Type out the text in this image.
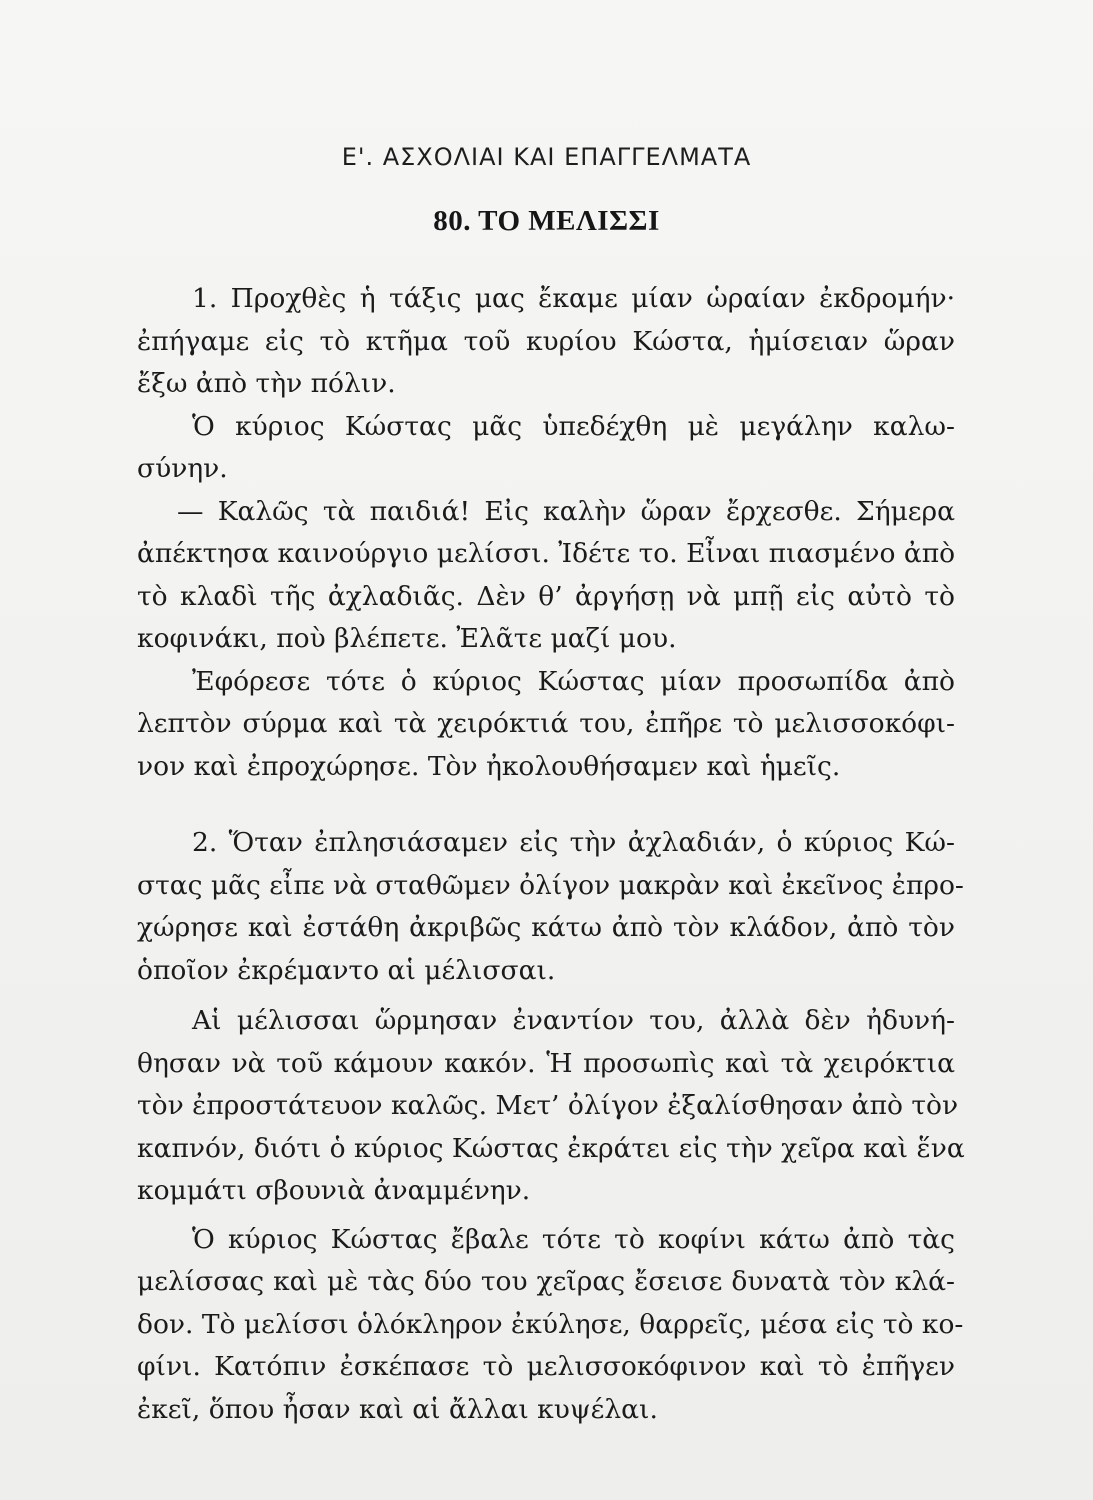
Ε'. ΑΣΧΟΛΙΑΙ ΚΑΙ ΕΠΑΓΓΕΛΜΑΤΑ
80. ΤΟ ΜΕΛΙΣΣΙ
1. Προχθὲς ἡ τάξις μας ἔκαμε μίαν ὡραίαν ἐκδρομήν·
ἐπήγαμε εἰς τὸ κτῆμα τοῦ κυρίου Κώστα, ἡμίσειαν ὥραν
ἔξω ἀπὸ τὴν πόλιν.
Ὁ κύριος Κώστας μᾶς ὑπεδέχθη μὲ μεγάλην καλω-
σύνην.
— Καλῶς τὰ παιδιά! Εἰς καλὴν ὥραν ἔρχεσθε. Σήμερα
ἀπέκτησα καινούργιο μελίσσι. Ἰδέτε το. Εἶναι πιασμένο ἀπὸ
τὸ κλαδὶ τῆς ἀχλαδιᾶς. Δὲν θ’ ἀργήσῃ νὰ μπῇ εἰς αὐτὸ τὸ
κοφινάκι, ποὺ βλέπετε. Ἐλᾶτε μαζί μου.
Ἐφόρεσε τότε ὁ κύριος Κώστας μίαν προσωπίδα ἀπὸ
λεπτὸν σύρμα καὶ τὰ χειρόκτιά του, ἐπῆρε τὸ μελισσοκόφι-
νον καὶ ἐπροχώρησε. Τὸν ἠκολουθήσαμεν καὶ ἡμεῖς.
2. Ὅταν ἐπλησιάσαμεν εἰς τὴν ἀχλαδιάν, ὁ κύριος Κώ-
στας μᾶς εἶπε νὰ σταθῶμεν ὀλίγον μακρὰν καὶ ἐκεῖνος ἐπρο-
χώρησε καὶ ἐστάθη ἀκριβῶς κάτω ἀπὸ τὸν κλάδον, ἀπὸ τὸν
ὁποῖον ἐκρέμαντο αἱ μέλισσαι.
Αἱ μέλισσαι ὥρμησαν ἐναντίον του, ἀλλὰ δὲν ἠδυνή-
θησαν νὰ τοῦ κάμουν κακόν. Ἡ προσωπὶς καὶ τὰ χειρόκτια
τὸν ἐπροστάτευον καλῶς. Μετ’ ὀλίγον ἐξαλίσθησαν ἀπὸ τὸν
καπνόν, διότι ὁ κύριος Κώστας ἐκράτει εἰς τὴν χεῖρα καὶ ἕνα
κομμάτι σβουνιὰ ἀναμμένην.
Ὁ κύριος Κώστας ἔβαλε τότε τὸ κοφίνι κάτω ἀπὸ τὰς
μελίσσας καὶ μὲ τὰς δύο του χεῖρας ἔσεισε δυνατὰ τὸν κλά-
δον. Τὸ μελίσσι ὁλόκληρον ἐκύλησε, θαρρεῖς, μέσα εἰς τὸ κο-
φίνι. Κατόπιν ἐσκέπασε τὸ μελισσοκόφινον καὶ τὸ ἐπῆγεν
ἐκεῖ, ὅπου ἦσαν καὶ αἱ ἄλλαι κυψέλαι.
